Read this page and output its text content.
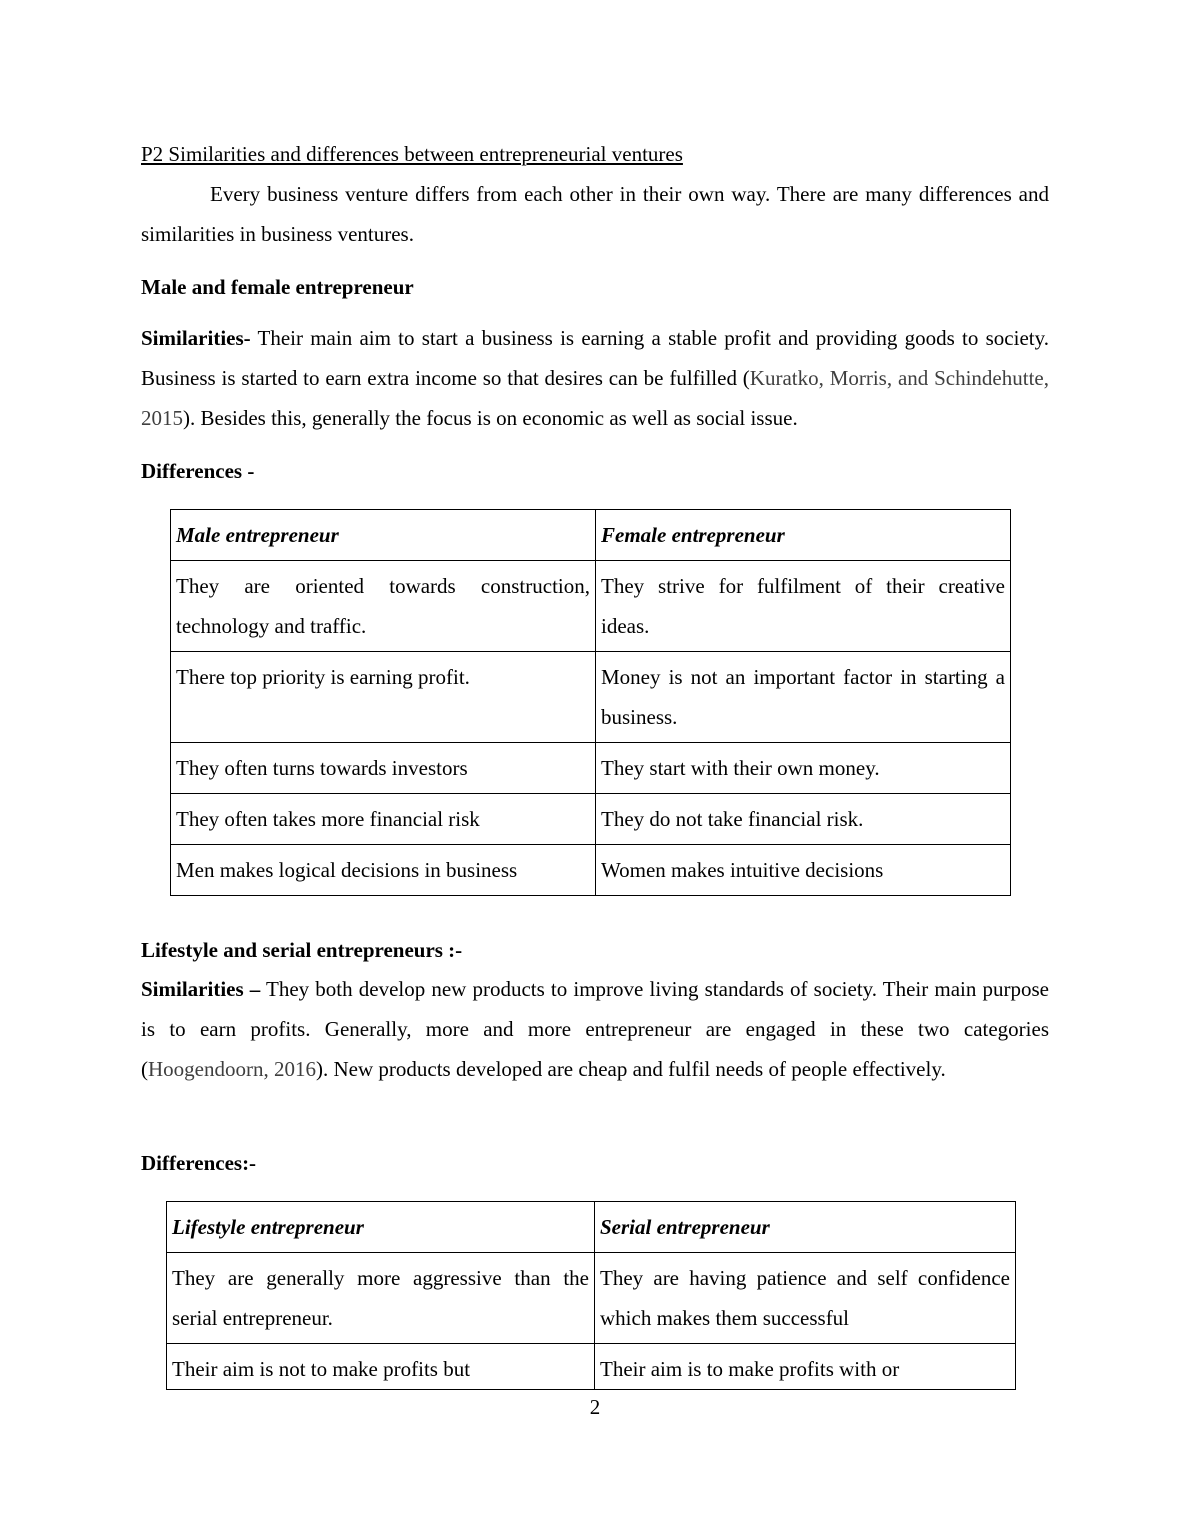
P2 Similarities and differences between entrepreneurial ventures

Every business venture differs from each other in their own way. There are many differences and similarities in business ventures.

Male and female entrepreneur

Similarities- Their main aim to start a business is earning a stable profit and providing goods to society. Business is started to earn extra income so that desires can be fulfilled (Kuratko, Morris, and Schindehutte, 2015). Besides this, generally the focus is on economic as well as social issue.

Differences -
Lifestyle and serial entrepreneurs :-

Similarities – They both develop new products to improve living standards of society. Their main purpose is to earn profits. Generally, more and more entrepreneur are engaged in these two categories (Hoogendoorn, 2016). New products developed are cheap and fulfil needs of people effectively.

Differences:-
Male entrepreneur	Female entrepreneur
They are oriented towards construction, technology and traffic.	They strive for fulfilment of their creative ideas.
There top priority is earning profit.	Money is not an important factor in starting a business.
They often turns towards investors	They start with their own money.
They often takes more financial risk	They do not take financial risk.
Men makes logical decisions in business	Women makes intuitive decisions
Lifestyle entrepreneur	Serial entrepreneur
They are generally more aggressive than the serial entrepreneur.	They are having patience and self confidence which makes them successful
Their aim is not to make profits but	Their aim is to make profits with or
2
